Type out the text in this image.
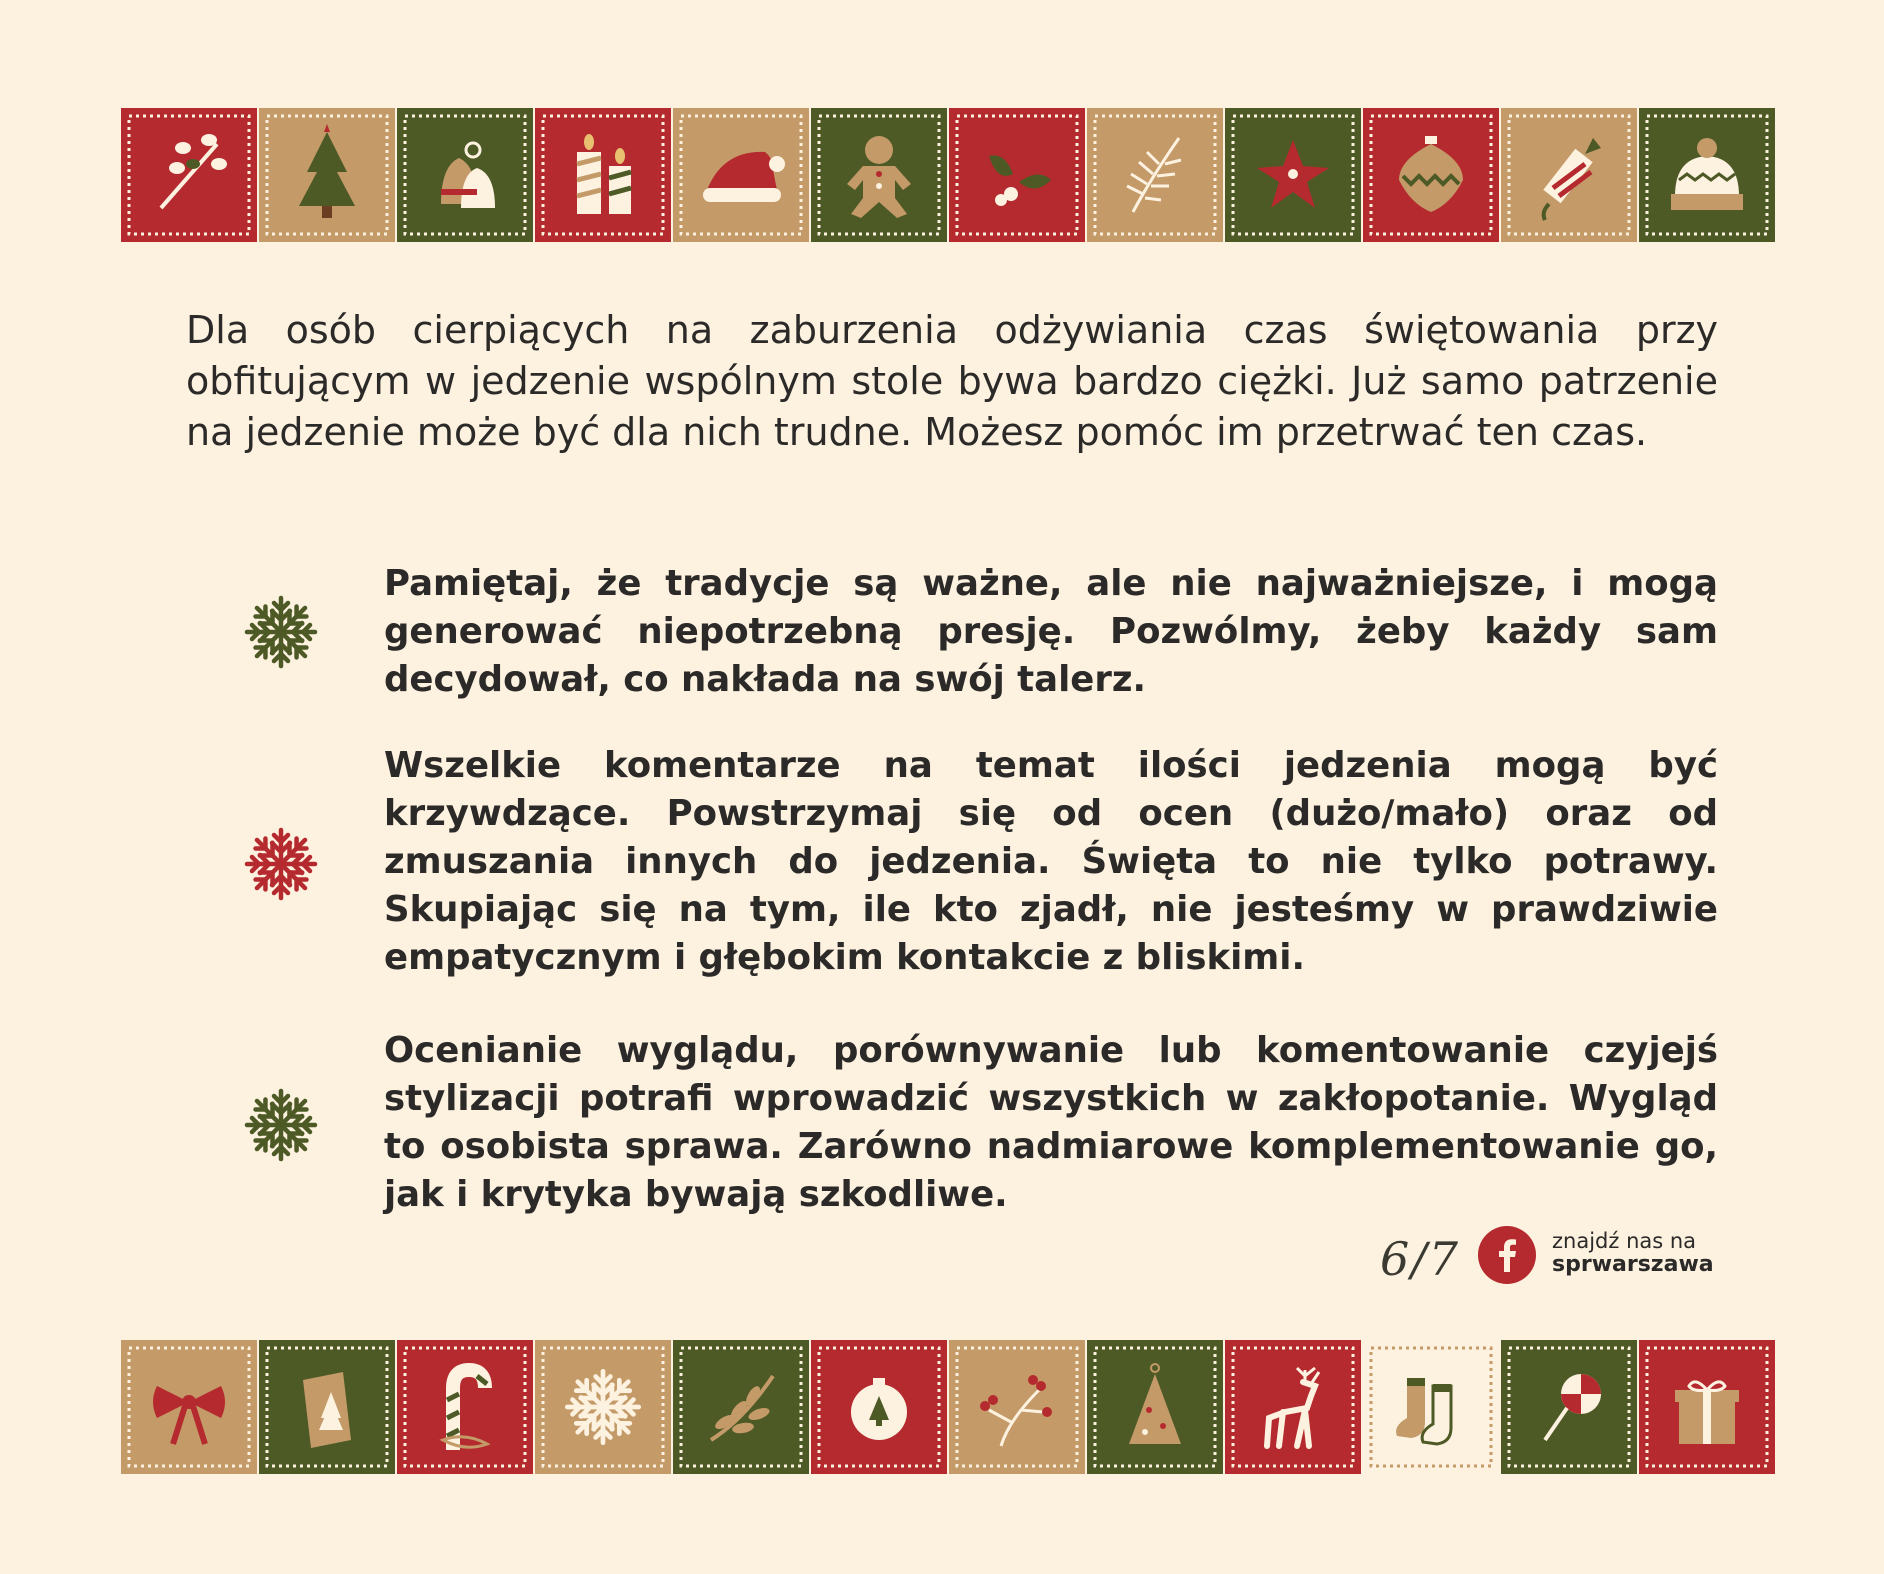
Dla osób cierpiących na zaburzenia odżywiania czas świętowania przy obfitującym w jedzenie wspólnym stole bywa bardzo ciężki. Już samo patrzenie na jedzenie może być dla nich trudne. Możesz pomóc im przetrwać ten czas.

Pamiętaj, że tradycje są ważne, ale nie najważniejsze, i mogą generować niepotrzebną presję. Pozwólmy, żeby każdy sam decydował, co nakłada na swój talerz.

Wszelkie komentarze na temat ilości jedzenia mogą być krzywdzące. Powstrzymaj się od ocen (dużo/mało) oraz od zmuszania innych do jedzenia. Święta to nie tylko potrawy. Skupiając się na tym, ile kto zjadł, nie jesteśmy w prawdziwie empatycznym i głębokim kontakcie z bliskimi.

Ocenianie wyglądu, porównywanie lub komentowanie czyjejś stylizacji potrafi wprowadzić wszystkich w zakłopotanie. Wygląd to osobista sprawa. Zarówno nadmiarowe komplementowanie go, jak i krytyka bywają szkodliwe.

6/7	znajdź nas na
sprwarszawa
